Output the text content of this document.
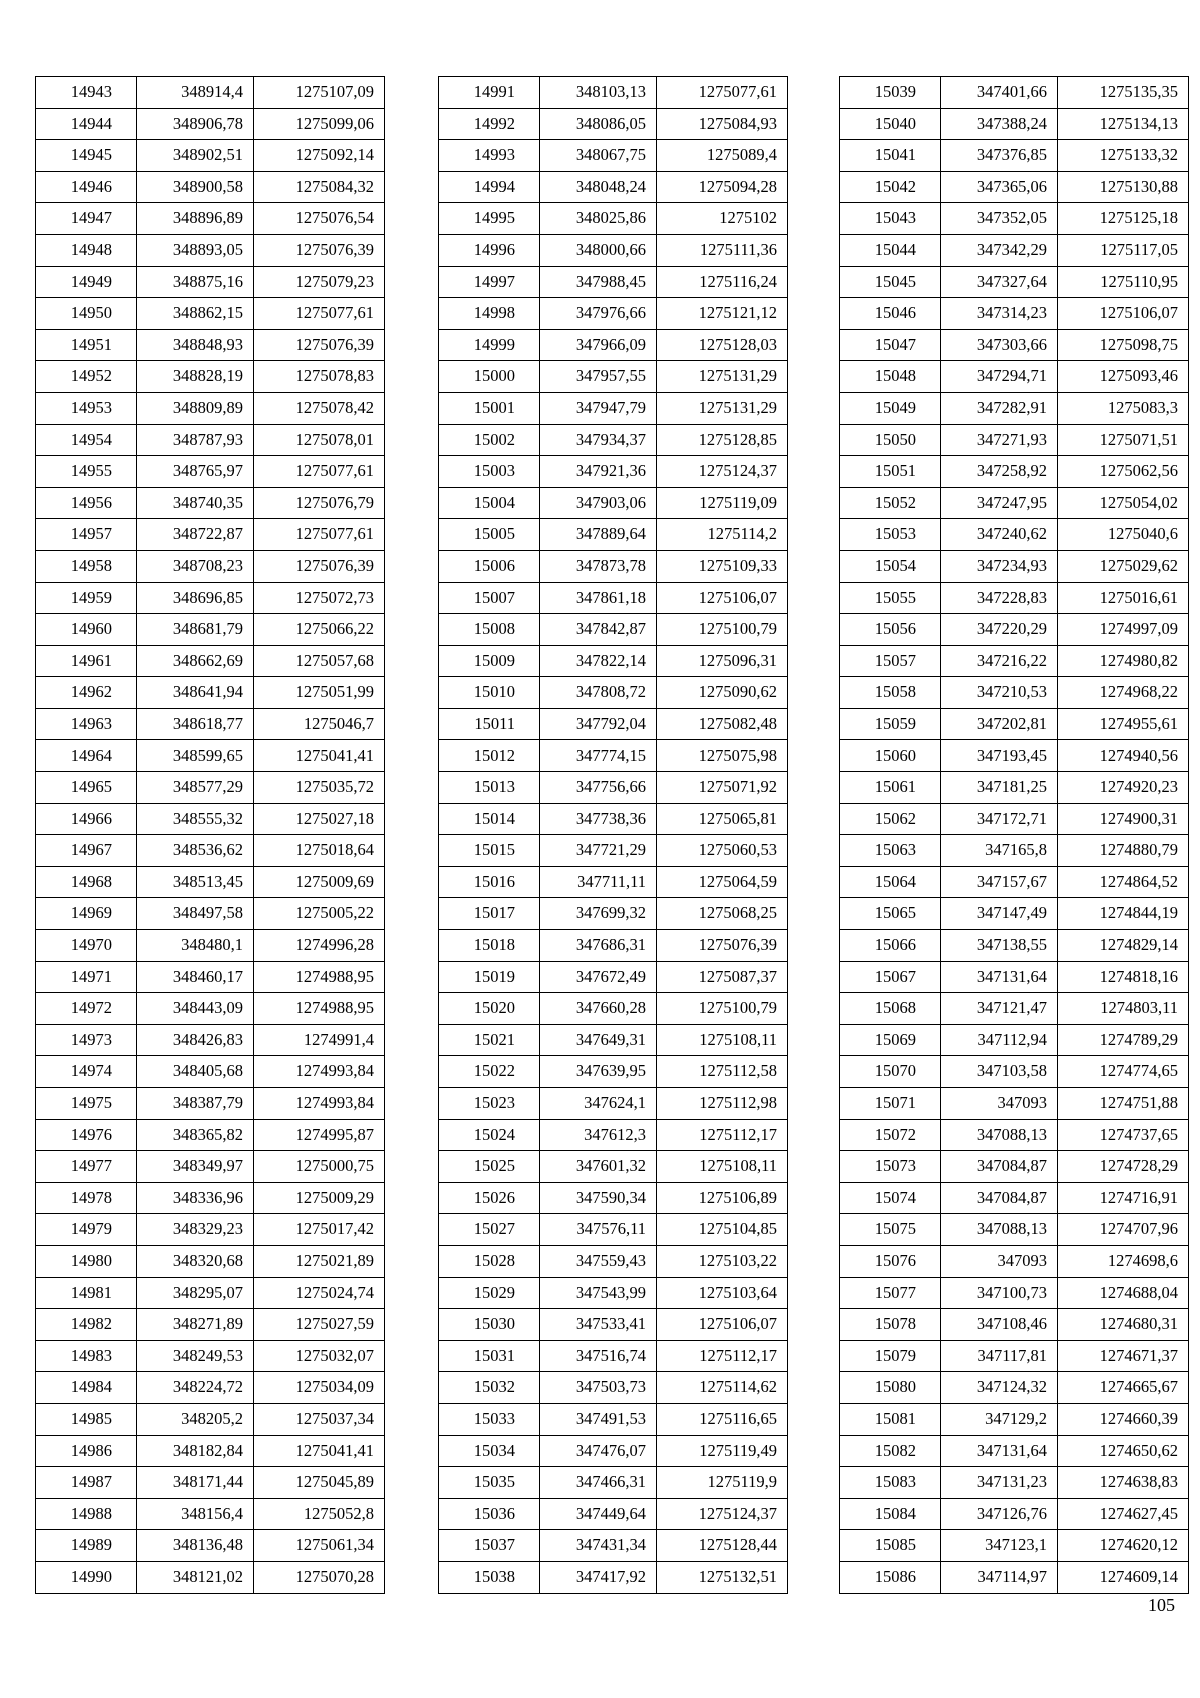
14943	348914,4	1275107,09
14944	348906,78	1275099,06
14945	348902,51	1275092,14
14946	348900,58	1275084,32
14947	348896,89	1275076,54
14948	348893,05	1275076,39
14949	348875,16	1275079,23
14950	348862,15	1275077,61
14951	348848,93	1275076,39
14952	348828,19	1275078,83
14953	348809,89	1275078,42
14954	348787,93	1275078,01
14955	348765,97	1275077,61
14956	348740,35	1275076,79
14957	348722,87	1275077,61
14958	348708,23	1275076,39
14959	348696,85	1275072,73
14960	348681,79	1275066,22
14961	348662,69	1275057,68
14962	348641,94	1275051,99
14963	348618,77	1275046,7
14964	348599,65	1275041,41
14965	348577,29	1275035,72
14966	348555,32	1275027,18
14967	348536,62	1275018,64
14968	348513,45	1275009,69
14969	348497,58	1275005,22
14970	348480,1	1274996,28
14971	348460,17	1274988,95
14972	348443,09	1274988,95
14973	348426,83	1274991,4
14974	348405,68	1274993,84
14975	348387,79	1274993,84
14976	348365,82	1274995,87
14977	348349,97	1275000,75
14978	348336,96	1275009,29
14979	348329,23	1275017,42
14980	348320,68	1275021,89
14981	348295,07	1275024,74
14982	348271,89	1275027,59
14983	348249,53	1275032,07
14984	348224,72	1275034,09
14985	348205,2	1275037,34
14986	348182,84	1275041,41
14987	348171,44	1275045,89
14988	348156,4	1275052,8
14989	348136,48	1275061,34
14990	348121,02	1275070,28
14991	348103,13	1275077,61
14992	348086,05	1275084,93
14993	348067,75	1275089,4
14994	348048,24	1275094,28
14995	348025,86	1275102
14996	348000,66	1275111,36
14997	347988,45	1275116,24
14998	347976,66	1275121,12
14999	347966,09	1275128,03
15000	347957,55	1275131,29
15001	347947,79	1275131,29
15002	347934,37	1275128,85
15003	347921,36	1275124,37
15004	347903,06	1275119,09
15005	347889,64	1275114,2
15006	347873,78	1275109,33
15007	347861,18	1275106,07
15008	347842,87	1275100,79
15009	347822,14	1275096,31
15010	347808,72	1275090,62
15011	347792,04	1275082,48
15012	347774,15	1275075,98
15013	347756,66	1275071,92
15014	347738,36	1275065,81
15015	347721,29	1275060,53
15016	347711,11	1275064,59
15017	347699,32	1275068,25
15018	347686,31	1275076,39
15019	347672,49	1275087,37
15020	347660,28	1275100,79
15021	347649,31	1275108,11
15022	347639,95	1275112,58
15023	347624,1	1275112,98
15024	347612,3	1275112,17
15025	347601,32	1275108,11
15026	347590,34	1275106,89
15027	347576,11	1275104,85
15028	347559,43	1275103,22
15029	347543,99	1275103,64
15030	347533,41	1275106,07
15031	347516,74	1275112,17
15032	347503,73	1275114,62
15033	347491,53	1275116,65
15034	347476,07	1275119,49
15035	347466,31	1275119,9
15036	347449,64	1275124,37
15037	347431,34	1275128,44
15038	347417,92	1275132,51
15039	347401,66	1275135,35
15040	347388,24	1275134,13
15041	347376,85	1275133,32
15042	347365,06	1275130,88
15043	347352,05	1275125,18
15044	347342,29	1275117,05
15045	347327,64	1275110,95
15046	347314,23	1275106,07
15047	347303,66	1275098,75
15048	347294,71	1275093,46
15049	347282,91	1275083,3
15050	347271,93	1275071,51
15051	347258,92	1275062,56
15052	347247,95	1275054,02
15053	347240,62	1275040,6
15054	347234,93	1275029,62
15055	347228,83	1275016,61
15056	347220,29	1274997,09
15057	347216,22	1274980,82
15058	347210,53	1274968,22
15059	347202,81	1274955,61
15060	347193,45	1274940,56
15061	347181,25	1274920,23
15062	347172,71	1274900,31
15063	347165,8	1274880,79
15064	347157,67	1274864,52
15065	347147,49	1274844,19
15066	347138,55	1274829,14
15067	347131,64	1274818,16
15068	347121,47	1274803,11
15069	347112,94	1274789,29
15070	347103,58	1274774,65
15071	347093	1274751,88
15072	347088,13	1274737,65
15073	347084,87	1274728,29
15074	347084,87	1274716,91
15075	347088,13	1274707,96
15076	347093	1274698,6
15077	347100,73	1274688,04
15078	347108,46	1274680,31
15079	347117,81	1274671,37
15080	347124,32	1274665,67
15081	347129,2	1274660,39
15082	347131,64	1274650,62
15083	347131,23	1274638,83
15084	347126,76	1274627,45
15085	347123,1	1274620,12
15086	347114,97	1274609,14
105
